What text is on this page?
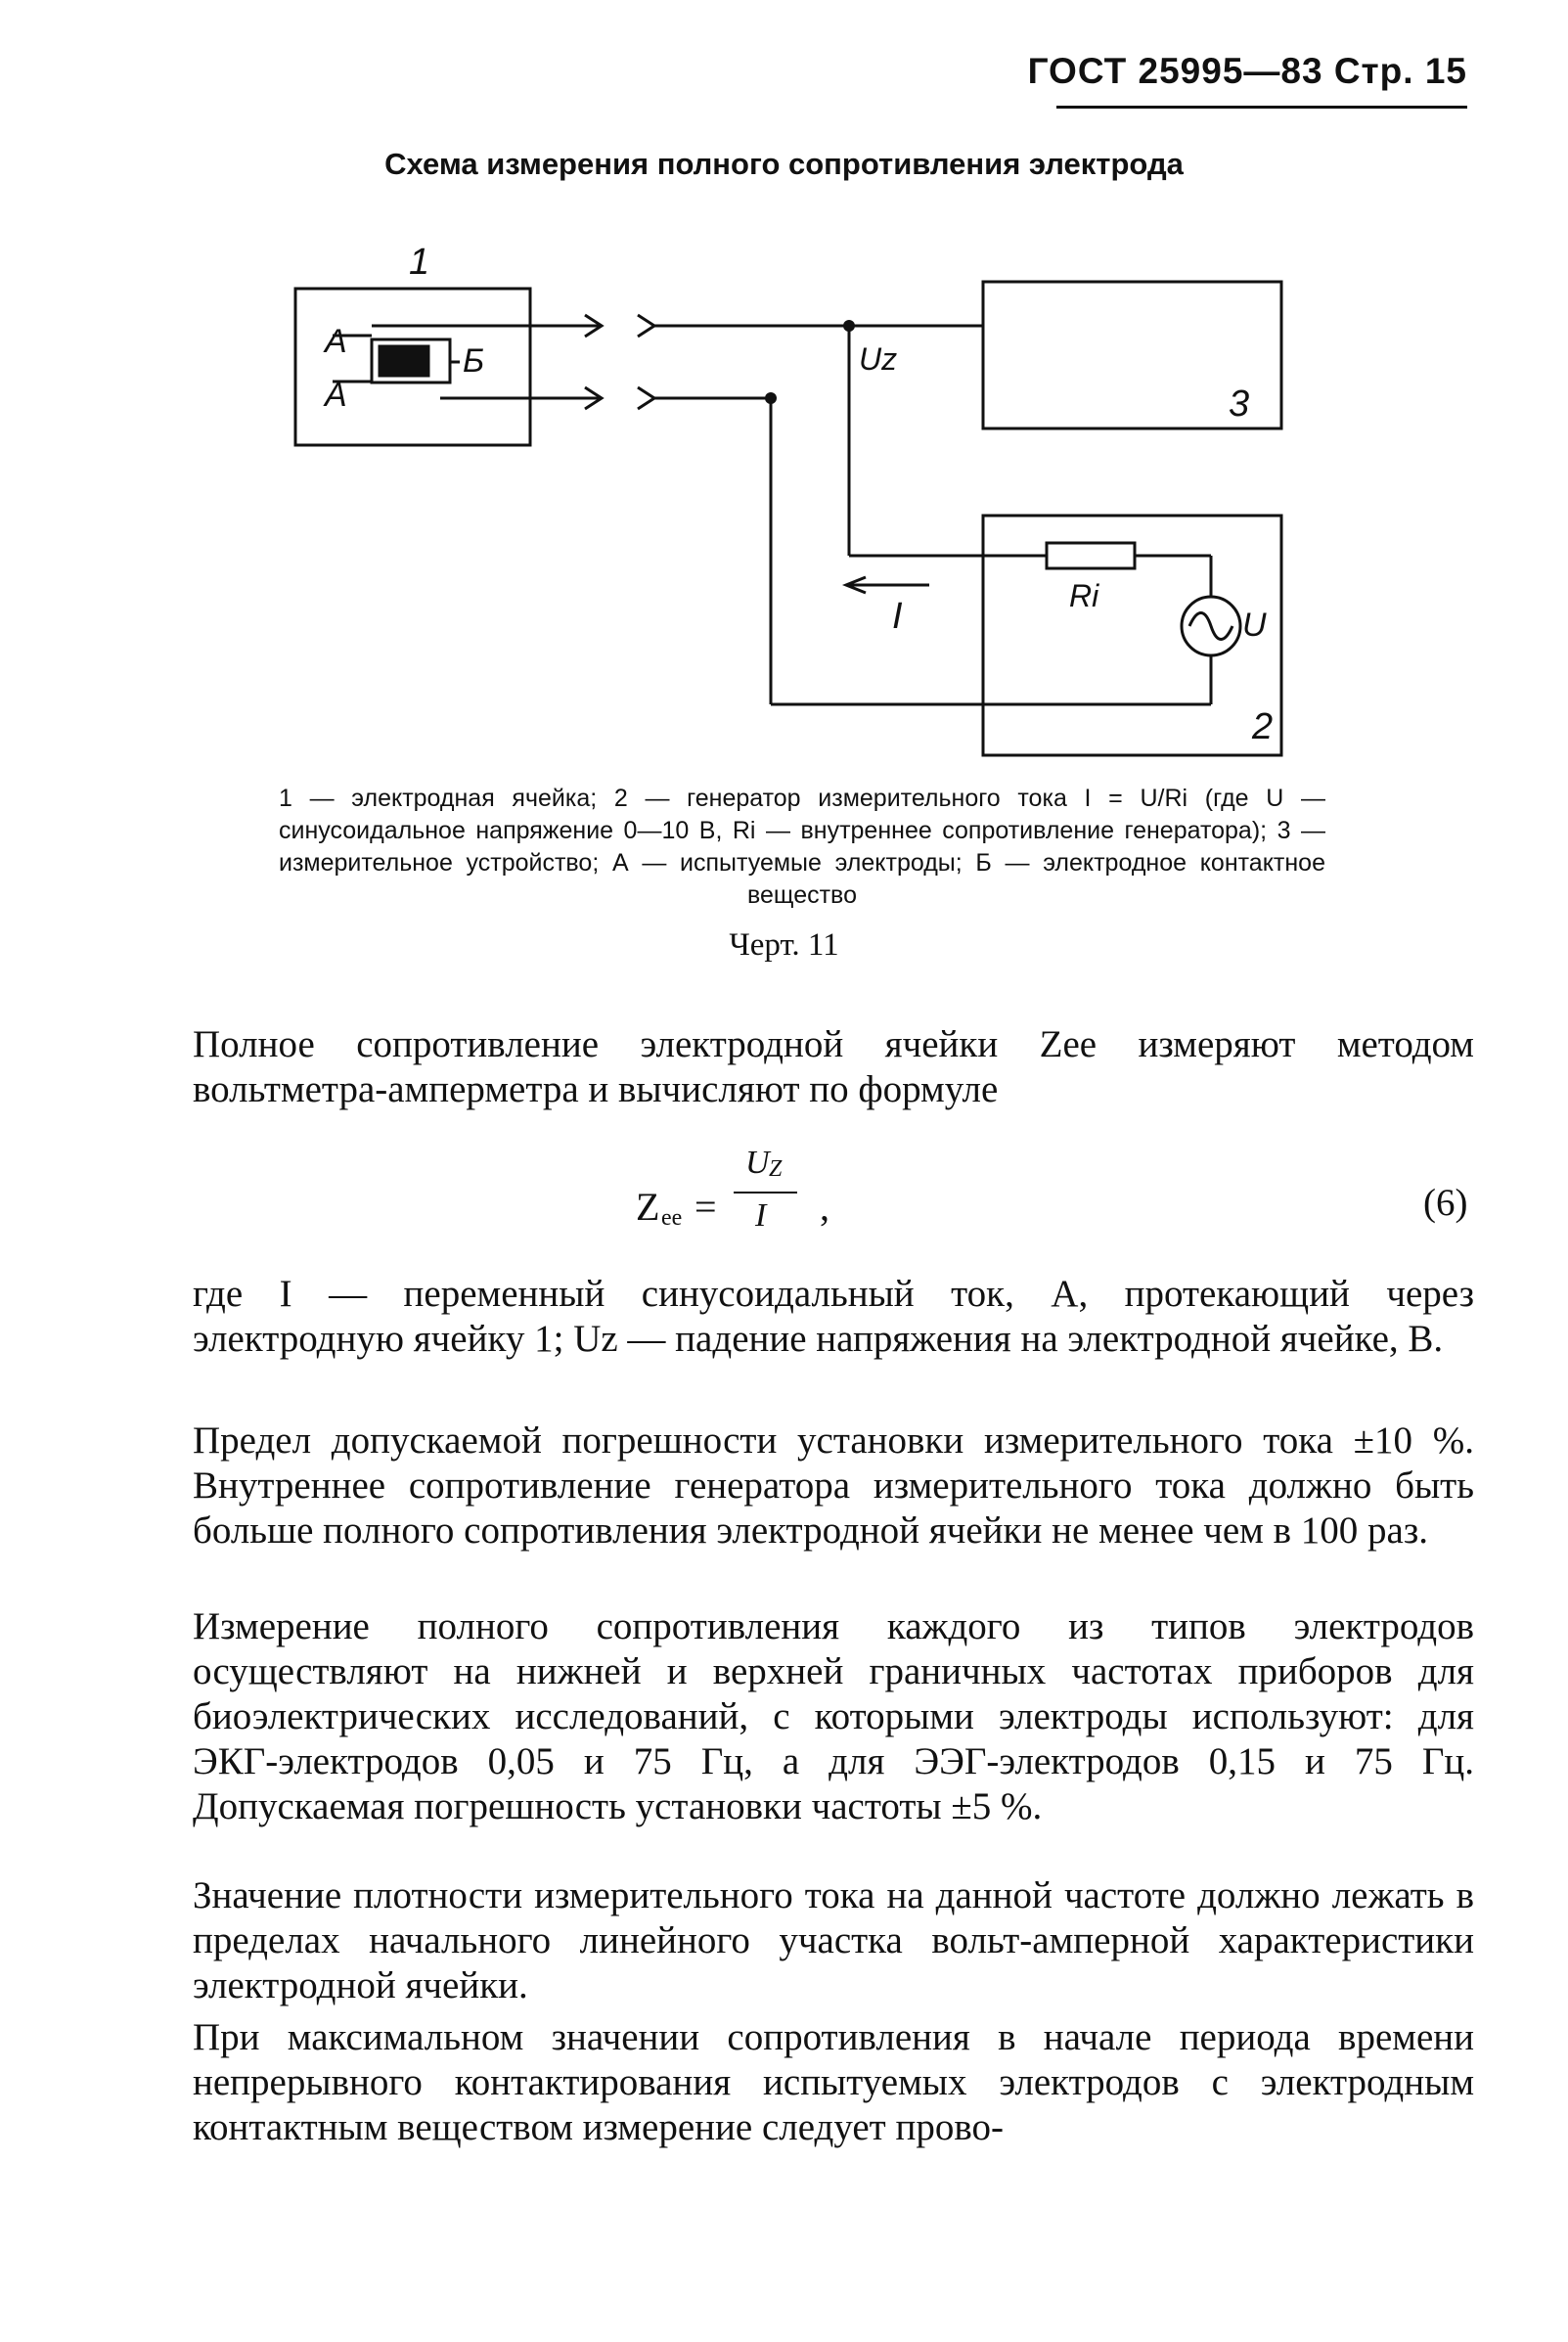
ГОСТ 25995—83 Стр. 15
Схема измерения полного сопротивления электрода
1
А
А
Б	Uz
3
I	Ri
U
2
1 — электродная ячейка; 2 — генератор измерительного тока I = U/Ri (где U — синусоидальное напряжение 0—10 В, Ri — внутреннее сопротивление генератора); 3 — измерительное устройство; А — испытуемые электроды; Б — электродное контактное вещество
Черт. 11
Полное сопротивление электродной ячейки Zee измеряют методом вольтметра-амперметра и вычисляют по формуле
Z ee =
U Z
I ,	(6)
где I — переменный синусоидальный ток, А, протекающий через электродную ячейку 1; Uz — падение напряжения на электродной ячейке, В.
Предел допускаемой погрешности установки измерительного тока ±10 %. Внутреннее сопротивление генератора измерительного тока должно быть больше полного сопротивления электродной ячейки не менее чем в 100 раз.
Измерение полного сопротивления каждого из типов электродов осуществляют на нижней и верхней граничных частотах приборов для биоэлектрических исследований, с которыми электроды используют: для ЭКГ-электродов 0,05 и 75 Гц, а для ЭЭГ-электродов 0,15 и 75 Гц. Допускаемая погрешность установки частоты ±5 %.
Значение плотности измерительного тока на данной частоте должно лежать в пределах начального линейного участка вольт-амперной характеристики электродной ячейки.
При максимальном значении сопротивления в начале периода времени непрерывного контактирования испытуемых электродов с электродным контактным веществом измерение следует прово-
